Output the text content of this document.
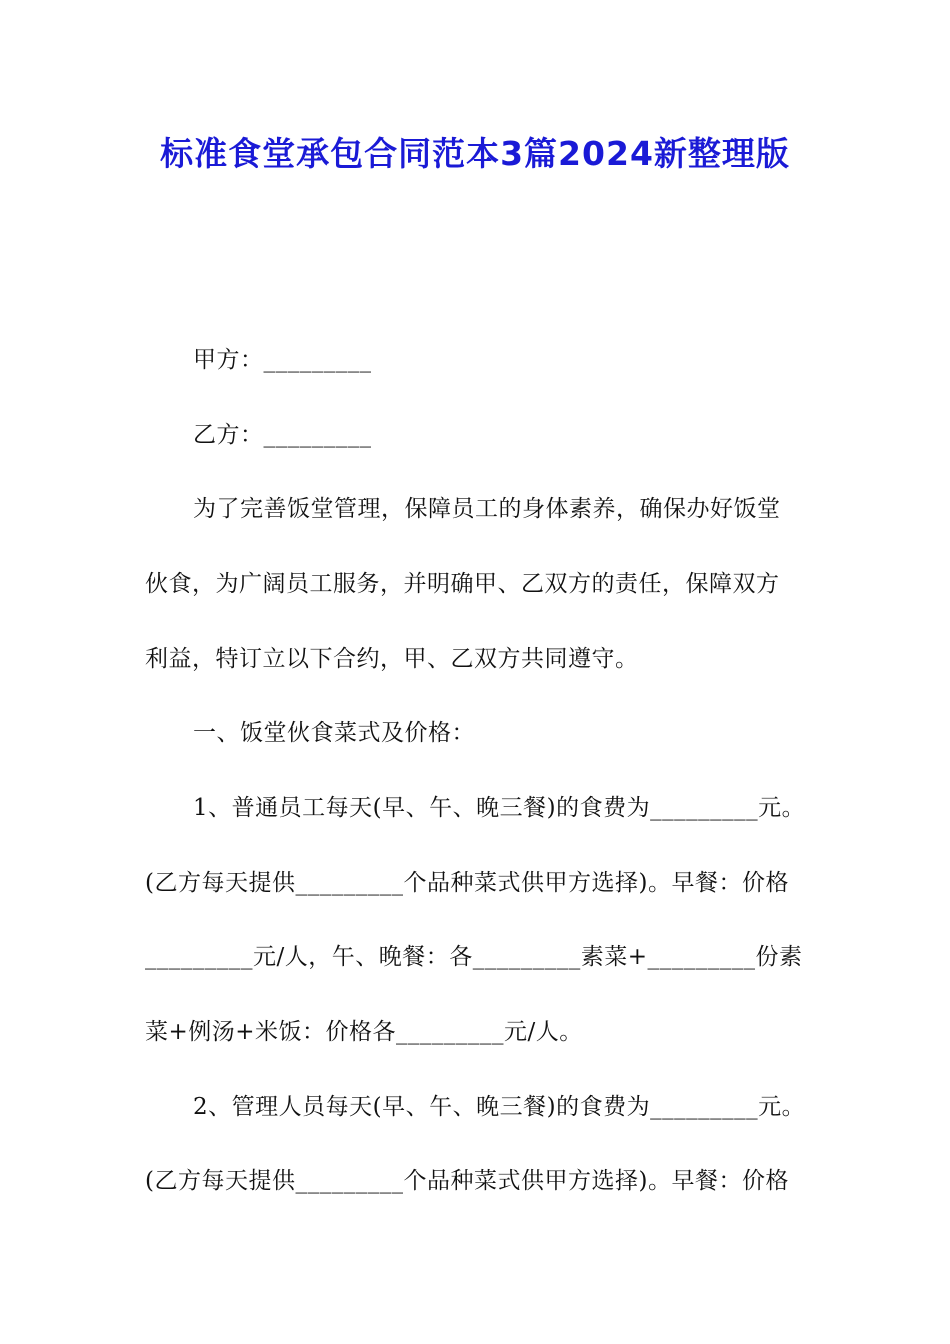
标准食堂承包合同范本3篇2024新整理版
甲方：_________
乙方：_________
为了完善饭堂管理，保障员工的身体素养，确保办好饭堂
伙食，为广阔员工服务，并明确甲、乙双方的责任，保障双方
利益，特订立以下合约，甲、乙双方共同遵守。
一、饭堂伙食菜式及价格：
1、普通员工每天(早、午、晚三餐)的食费为_________元。
(乙方每天提供_________个品种菜式供甲方选择)。早餐：价格
_________元/人，午、晚餐：各_________素菜+_________份素
菜+例汤+米饭：价格各_________元/人。
2、管理人员每天(早、午、晚三餐)的食费为_________元。
(乙方每天提供_________个品种菜式供甲方选择)。早餐：价格
